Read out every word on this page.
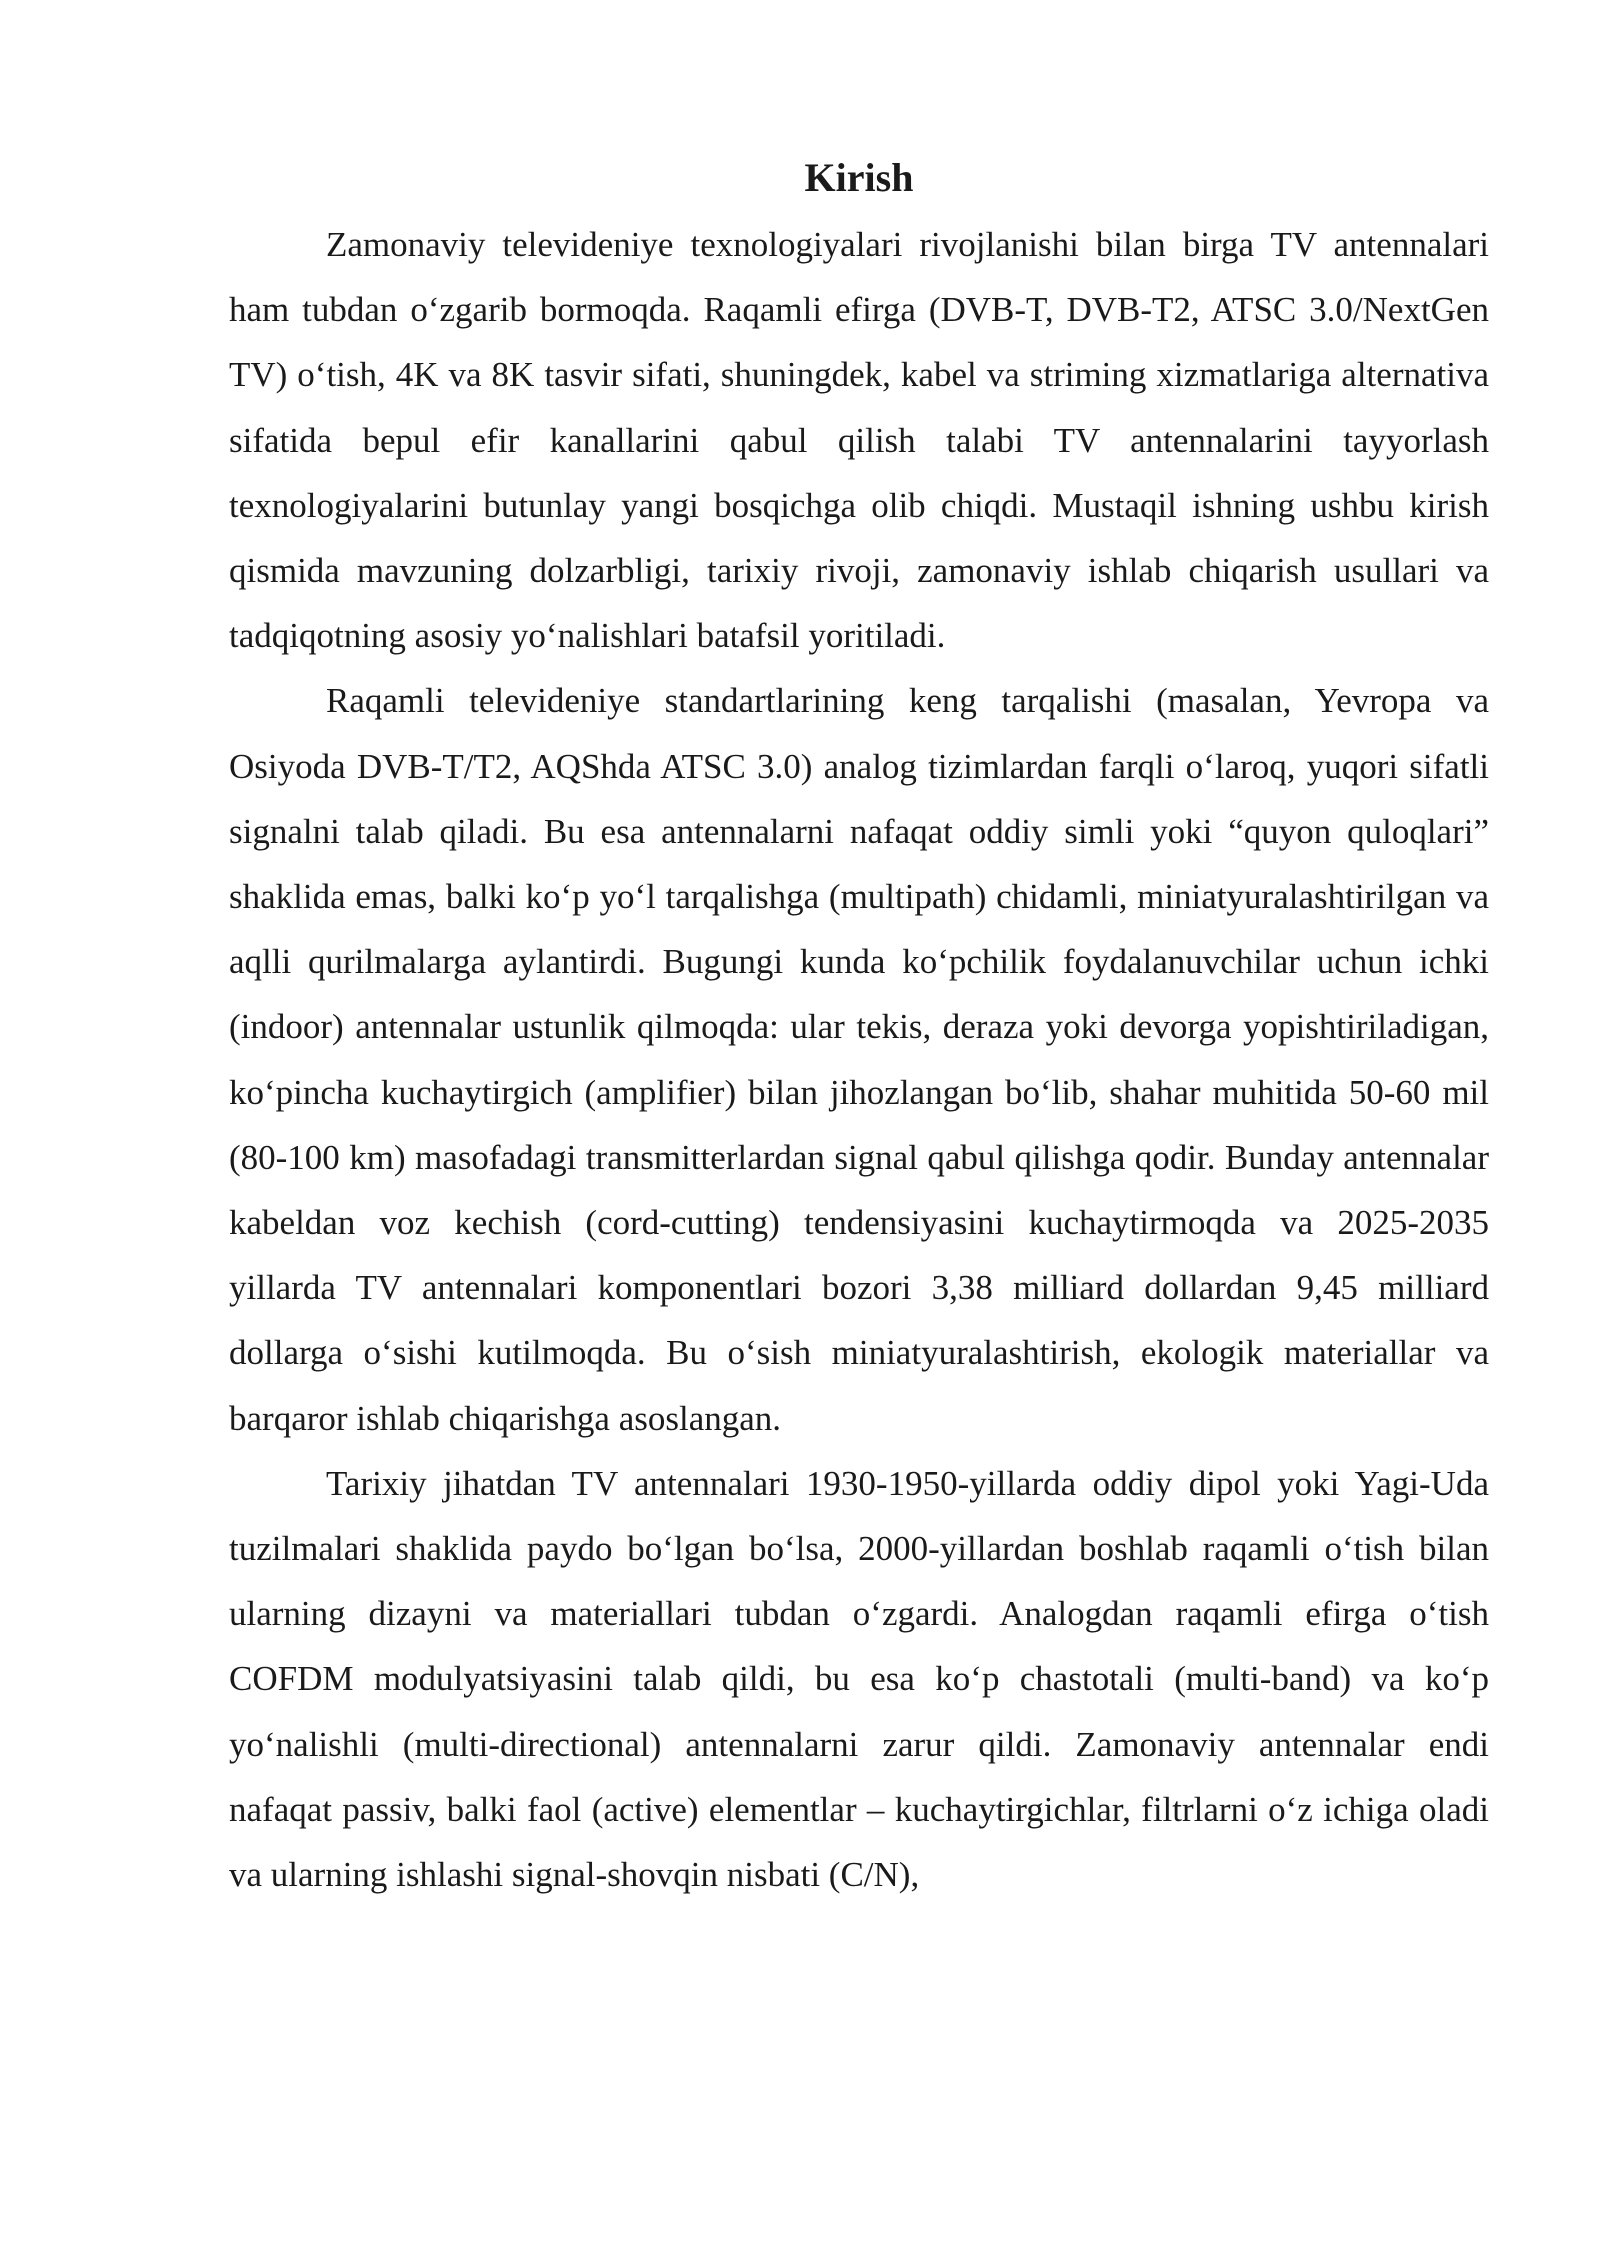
Kirish

Zamonaviy televideniye texnologiyalari rivojlanishi bilan birga TV antennalari ham tubdan o‘zgarib bormoqda. Raqamli efirga (DVB-T, DVB-T2, ATSC 3.0/NextGen TV) o‘tish, 4K va 8K tasvir sifati, shuningdek, kabel va striming xizmatlariga alternativa sifatida bepul efir kanallarini qabul qilish talabi TV antennalarini tayyorlash texnologiyalarini butunlay yangi bosqichga olib chiqdi. Mustaqil ishning ushbu kirish qismida mavzuning dolzarbligi, tarixiy rivoji, zamonaviy ishlab chiqarish usullari va tadqiqotning asosiy yo‘nalishlari batafsil yoritiladi.

Raqamli televideniye standartlarining keng tarqalishi (masalan, Yevropa va Osiyoda DVB-T/T2, AQShda ATSC 3.0) analog tizimlardan farqli o‘laroq, yuqori sifatli signalni talab qiladi. Bu esa antennalarni nafaqat oddiy simli yoki “quyon quloqlari” shaklida emas, balki ko‘p yo‘l tarqalishga (multipath) chidamli, miniatyuralashtirilgan va aqlli qurilmalarga aylantirdi. Bugungi kunda ko‘pchilik foydalanuvchilar uchun ichki (indoor) antennalar ustunlik qilmoqda: ular tekis, deraza yoki devorga yopishtiriladigan, ko‘pincha kuchaytirgich (amplifier) bilan jihozlangan bo‘lib, shahar muhitida 50-60 mil (80-100 km) masofadagi transmitterlardan signal qabul qilishga qodir. Bunday antennalar kabeldan voz kechish (cord-cutting) tendensiyasini kuchaytirmoqda va 2025-2035 yillarda TV antennalari komponentlari bozori 3,38 milliard dollardan 9,45 milliard dollarga o‘sishi kutilmoqda. Bu o‘sish miniatyuralashtirish, ekologik materiallar va barqaror ishlab chiqarishga asoslangan.

Tarixiy jihatdan TV antennalari 1930-1950-yillarda oddiy dipol yoki Yagi-Uda tuzilmalari shaklida paydo bo‘lgan bo‘lsa, 2000-yillardan boshlab raqamli o‘tish bilan ularning dizayni va materiallari tubdan o‘zgardi. Analogdan raqamli efirga o‘tish COFDM modulyatsiyasini talab qildi, bu esa ko‘p chastotali (multi-band) va ko‘p yo‘nalishli (multi-directional) antennalarni zarur qildi. Zamonaviy antennalar endi nafaqat passiv, balki faol (active) elementlar – kuchaytirgichlar, filtrlarni o‘z ichiga oladi va ularning ishlashi signal-shovqin nisbati (C/N),
